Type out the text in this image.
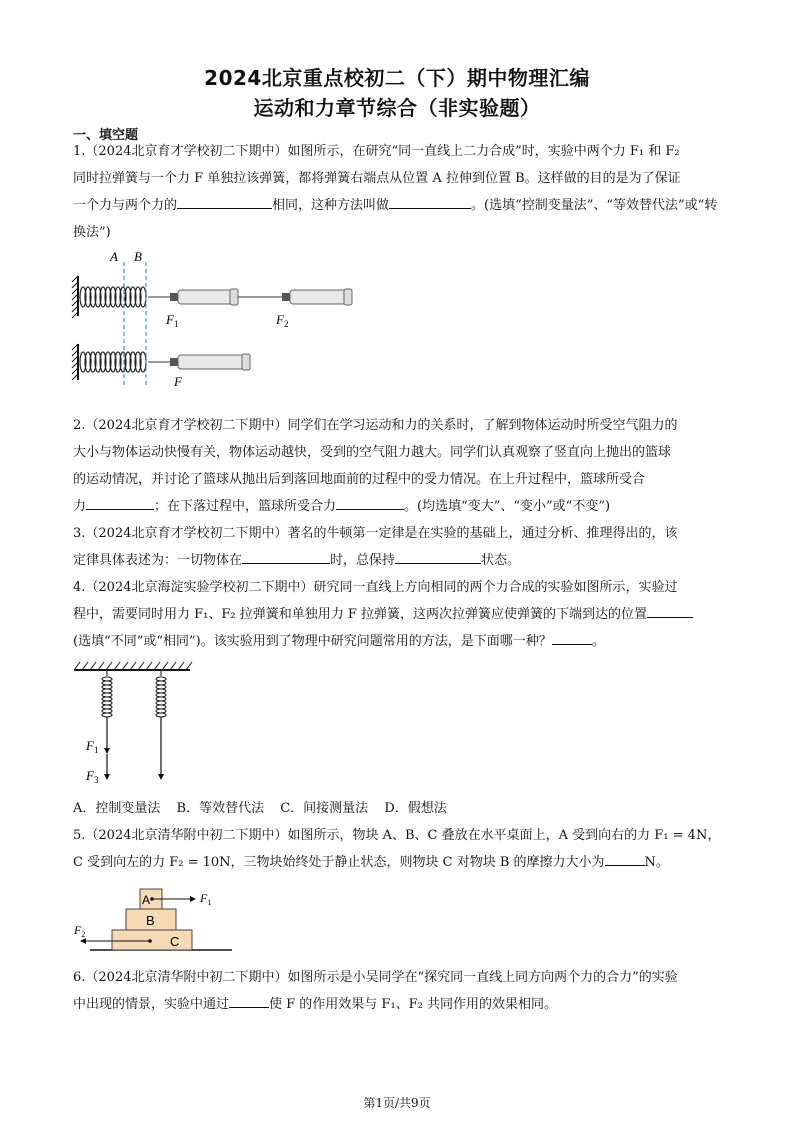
2024北京重点校初二（下）期中物理汇编
运动和力章节综合（非实验题）
一、填空题
1.（2024北京育才学校初二下期中）如图所示，在研究“同一直线上二力合成”时，实验中两个力 F₁ 和 F₂
同时拉弹簧与一个力 F 单独拉该弹簧，都将弹簧右端点从位置 A 拉伸到位置 B。这样做的目的是为了保证
一个力与两个力的	相同，这种方法叫做	。(选填“控制变量法”、“等效替代法”或“转
换法”)
A B
$F_1$	$F_2$
F
2.（2024北京育才学校初二下期中）同学们在学习运动和力的关系时，了解到物体运动时所受空气阻力的
大小与物体运动快慢有关，物体运动越快，受到的空气阻力越大。同学们认真观察了竖直向上抛出的篮球
的运动情况，并讨论了篮球从抛出后到落回地面前的过程中的受力情况。在上升过程中，篮球所受合
力	；在下落过程中，篮球所受合力	。(均选填“变大”、“变小”或“不变”)
3.（2024北京育才学校初二下期中）著名的牛顿第一定律是在实验的基础上，通过分析、推理得出的，该
定律具体表述为：一切物体在	时，总保持	状态。
4.（2024北京海淀实验学校初二下期中）研究同一直线上方向相同的两个力合成的实验如图所示，实验过
程中，需要同时用力 F₁、F₂ 拉弹簧和单独用力 F 拉弹簧，这两次拉弹簧应使弹簧的下端到达的位置
(选填“不同”或“相同”)。该实验用到了物理中研究问题常用的方法，是下面哪一种？	。
$F_1$
$F_3$
A．控制变量法 B．等效替代法 C．间接测量法 D．假想法
5.（2024北京清华附中初二下期中）如图所示，物块 A、B、C 叠放在水平桌面上，A 受到向右的力 F₁ = 4N，
C 受到向左的力 F₂ = 10N，三物块始终处于静止状态，则物块 C 对物块 B 的摩擦力大小为	N。
A
B
C
$F_1$
$F_2$
6.（2024北京清华附中初二下期中）如图所示是小吴同学在“探究同一直线上同方向两个力的合力”的实验
中出现的情景，实验中通过	使 F 的作用效果与 F₁、F₂ 共同作用的效果相同。
第1页/共9页
